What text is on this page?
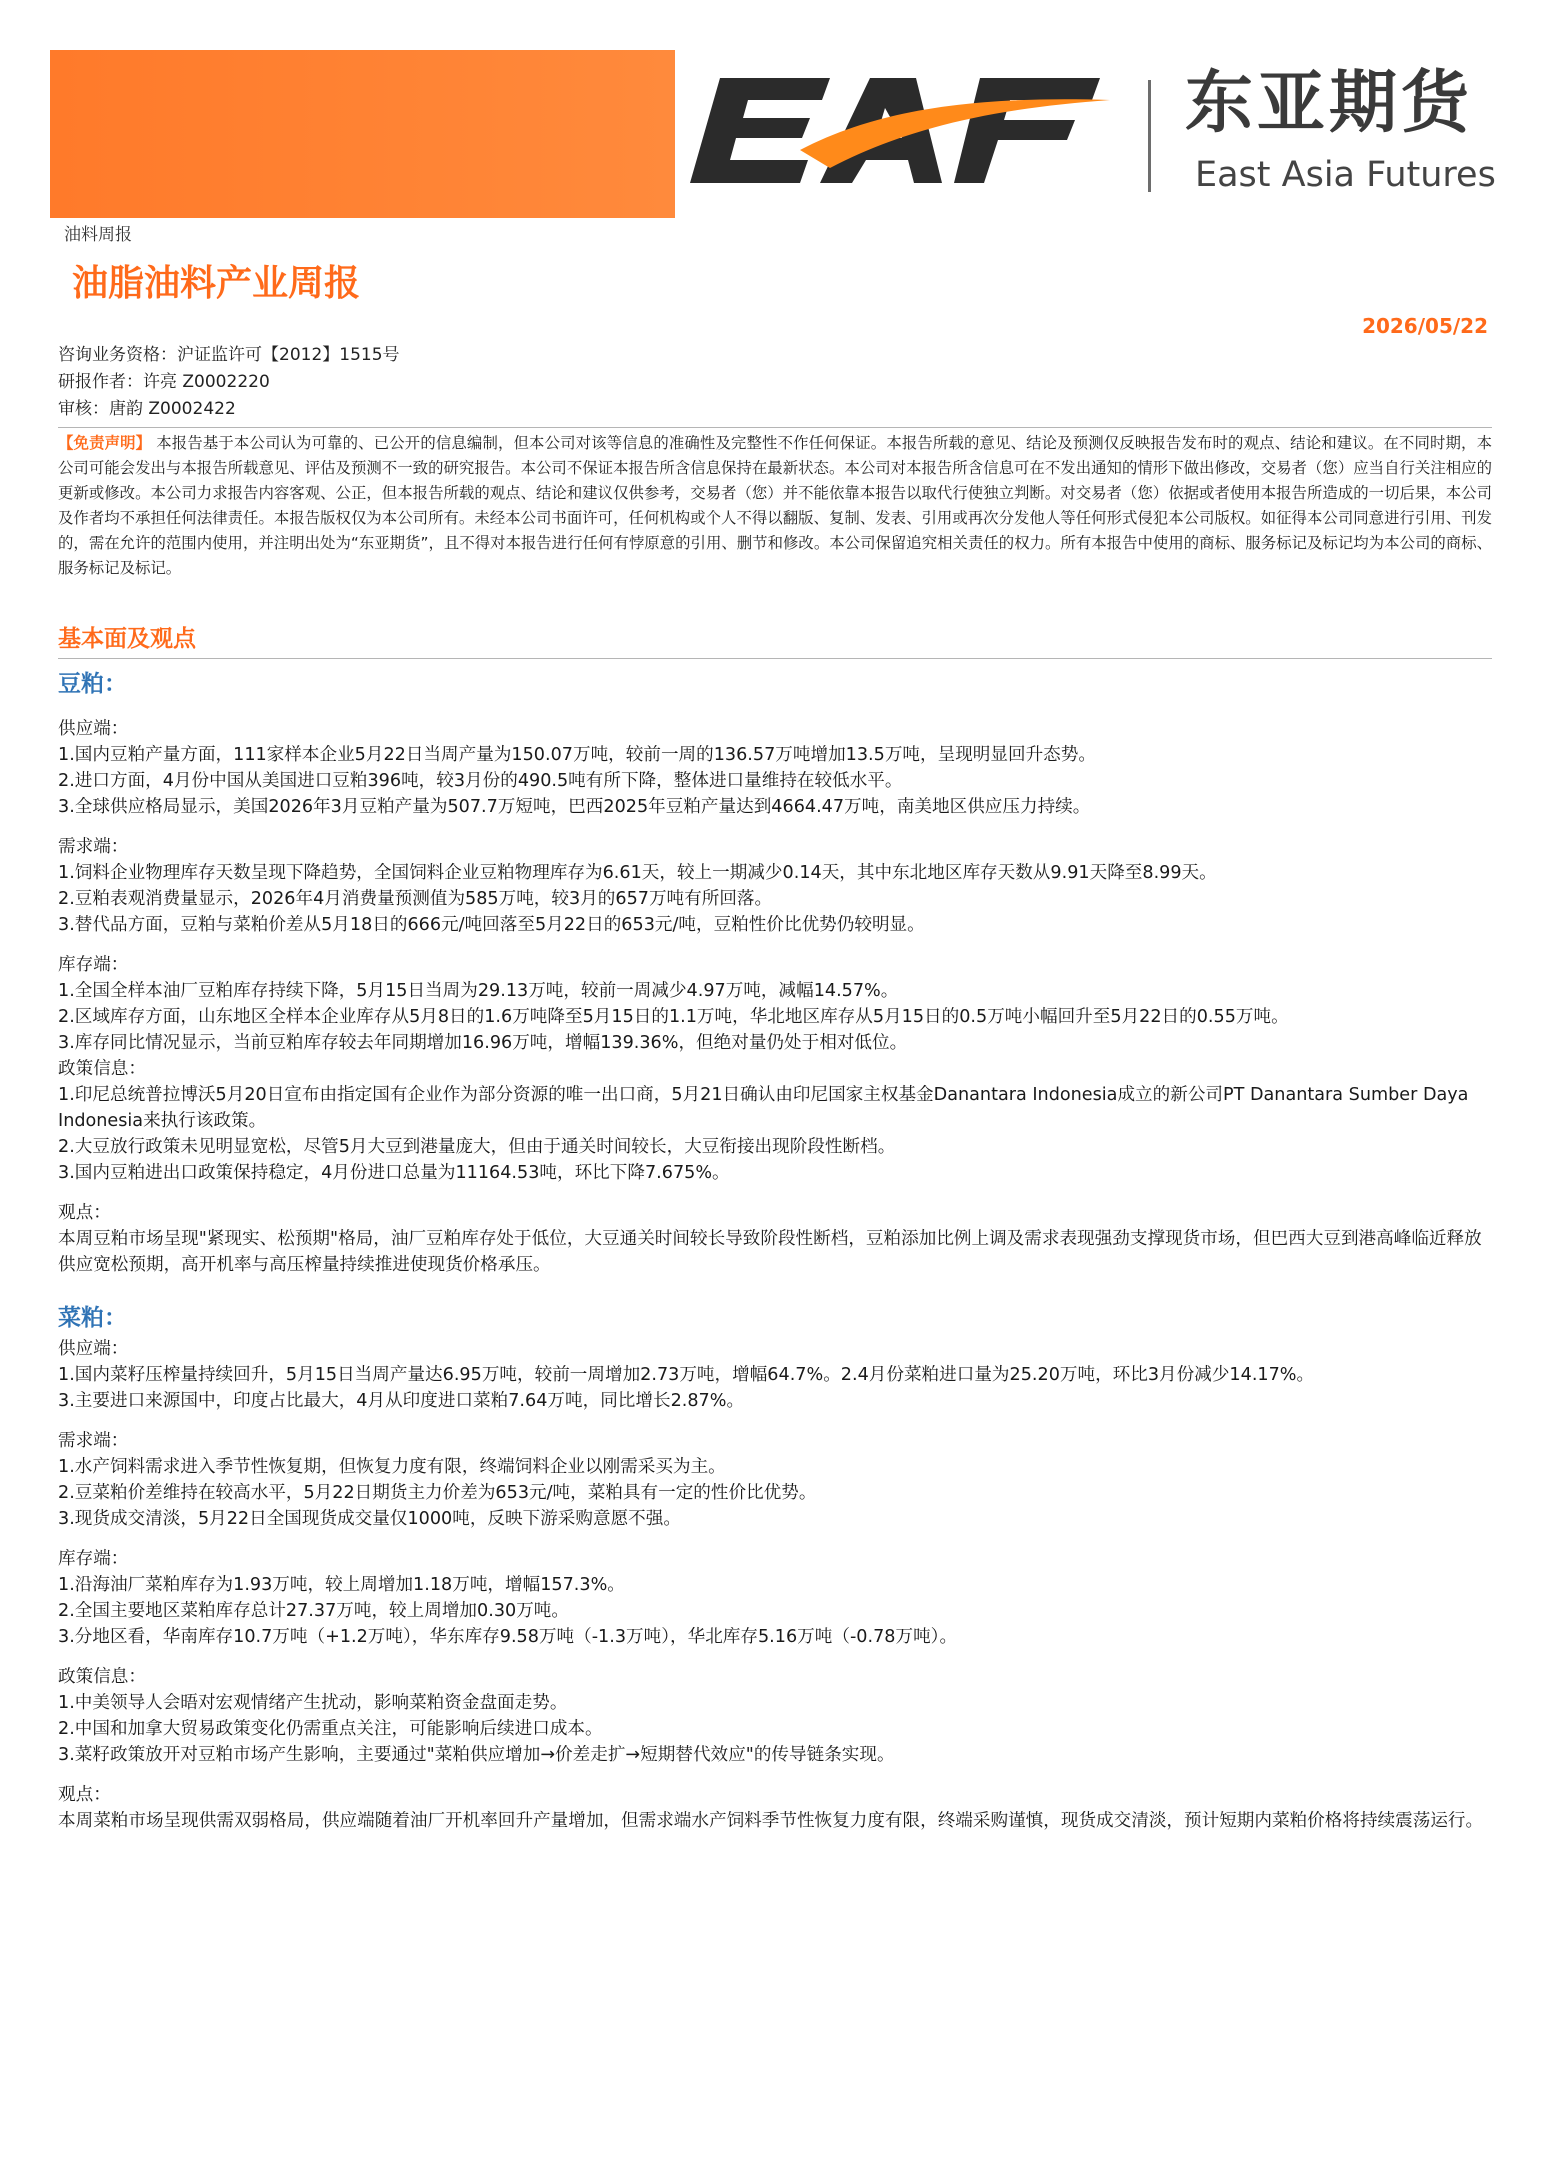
东亚期货
East Asia Futures
油料周报
油脂油料产业周报
2026/05/22
咨询业务资格：沪证监许可【2012】1515号
研报作者：许亮 Z0002220
审核：唐韵 Z0002422
【免责声明】 本报告基于本公司认为可靠的、已公开的信息编制，但本公司对该等信息的准确性及完整性不作任何保证。本报告所载的意见、结论及预测仅反映报告发布时的观点、结论和建议。在不同时期，本公司可能会发出与本报告所载意见、评估及预测不一致的研究报告。本公司不保证本报告所含信息保持在最新状态。本公司对本报告所含信息可在不发出通知的情形下做出修改，交易者（您）应当自行关注相应的更新或修改。本公司力求报告内容客观、公正，但本报告所载的观点、结论和建议仅供参考，交易者（您）并不能依靠本报告以取代行使独立判断。对交易者（您）依据或者使用本报告所造成的一切后果，本公司及作者均不承担任何法律责任。本报告版权仅为本公司所有。未经本公司书面许可，任何机构或个人不得以翻版、复制、发表、引用或再次分发他人等任何形式侵犯本公司版权。如征得本公司同意进行引用、刊发的，需在允许的范围内使用，并注明出处为“东亚期货”，且不得对本报告进行任何有悖原意的引用、删节和修改。本公司保留追究相关责任的权力。所有本报告中使用的商标、服务标记及标记均为本公司的商标、服务标记及标记。
基本面及观点
豆粕：

供应端：

1.国内豆粕产量方面，111家样本企业5月22日当周产量为150.07万吨，较前一周的136.57万吨增加13.5万吨，呈现明显回升态势。

2.进口方面，4月份中国从美国进口豆粕396吨，较3月份的490.5吨有所下降，整体进口量维持在较低水平。

3.全球供应格局显示，美国2026年3月豆粕产量为507.7万短吨，巴西2025年豆粕产量达到4664.47万吨，南美地区供应压力持续。

需求端：

1.饲料企业物理库存天数呈现下降趋势，全国饲料企业豆粕物理库存为6.61天，较上一期减少0.14天，其中东北地区库存天数从9.91天降至8.99天。

2.豆粕表观消费量显示，2026年4月消费量预测值为585万吨，较3月的657万吨有所回落。

3.替代品方面，豆粕与菜粕价差从5月18日的666元/吨回落至5月22日的653元/吨，豆粕性价比优势仍较明显。

库存端：

1.全国全样本油厂豆粕库存持续下降，5月15日当周为29.13万吨，较前一周减少4.97万吨，减幅14.57%。

2.区域库存方面，山东地区全样本企业库存从5月8日的1.6万吨降至5月15日的1.1万吨，华北地区库存从5月15日的0.5万吨小幅回升至5月22日的0.55万吨。

3.库存同比情况显示，当前豆粕库存较去年同期增加16.96万吨，增幅139.36%，但绝对量仍处于相对低位。

政策信息：

1.印尼总统普拉博沃5月20日宣布由指定国有企业作为部分资源的唯一出口商，5月21日确认由印尼国家主权基金Danantara Indonesia成立的新公司PT Danantara Sumber Daya Indonesia来执行该政策。

2.大豆放行政策未见明显宽松，尽管5月大豆到港量庞大，但由于通关时间较长，大豆衔接出现阶段性断档。

3.国内豆粕进出口政策保持稳定，4月份进口总量为11164.53吨，环比下降7.675%。

观点：

本周豆粕市场呈现"紧现实、松预期"格局，油厂豆粕库存处于低位，大豆通关时间较长导致阶段性断档，豆粕添加比例上调及需求表现强劲支撑现货市场，但巴西大豆到港高峰临近释放供应宽松预期，高开机率与高压榨量持续推进使现货价格承压。

菜粕：

供应端：

1.国内菜籽压榨量持续回升，5月15日当周产量达6.95万吨，较前一周增加2.73万吨，增幅64.7%。2.4月份菜粕进口量为25.20万吨，环比3月份减少14.17%。

3.主要进口来源国中，印度占比最大，4月从印度进口菜粕7.64万吨，同比增长2.87%。

需求端：

1.水产饲料需求进入季节性恢复期，但恢复力度有限，终端饲料企业以刚需采买为主。

2.豆菜粕价差维持在较高水平，5月22日期货主力价差为653元/吨，菜粕具有一定的性价比优势。

3.现货成交清淡，5月22日全国现货成交量仅1000吨，反映下游采购意愿不强。

库存端：

1.沿海油厂菜粕库存为1.93万吨，较上周增加1.18万吨，增幅157.3%。

2.全国主要地区菜粕库存总计27.37万吨，较上周增加0.30万吨。

3.分地区看，华南库存10.7万吨（+1.2万吨），华东库存9.58万吨（-1.3万吨），华北库存5.16万吨（-0.78万吨）。

政策信息：

1.中美领导人会晤对宏观情绪产生扰动，影响菜粕资金盘面走势。

2.中国和加拿大贸易政策变化仍需重点关注，可能影响后续进口成本。

3.菜籽政策放开对豆粕市场产生影响，主要通过"菜粕供应增加→价差走扩→短期替代效应"的传导链条实现。

观点：

本周菜粕市场呈现供需双弱格局，供应端随着油厂开机率回升产量增加，但需求端水产饲料季节性恢复力度有限，终端采购谨慎，现货成交清淡，预计短期内菜粕价格将持续震荡运行。
